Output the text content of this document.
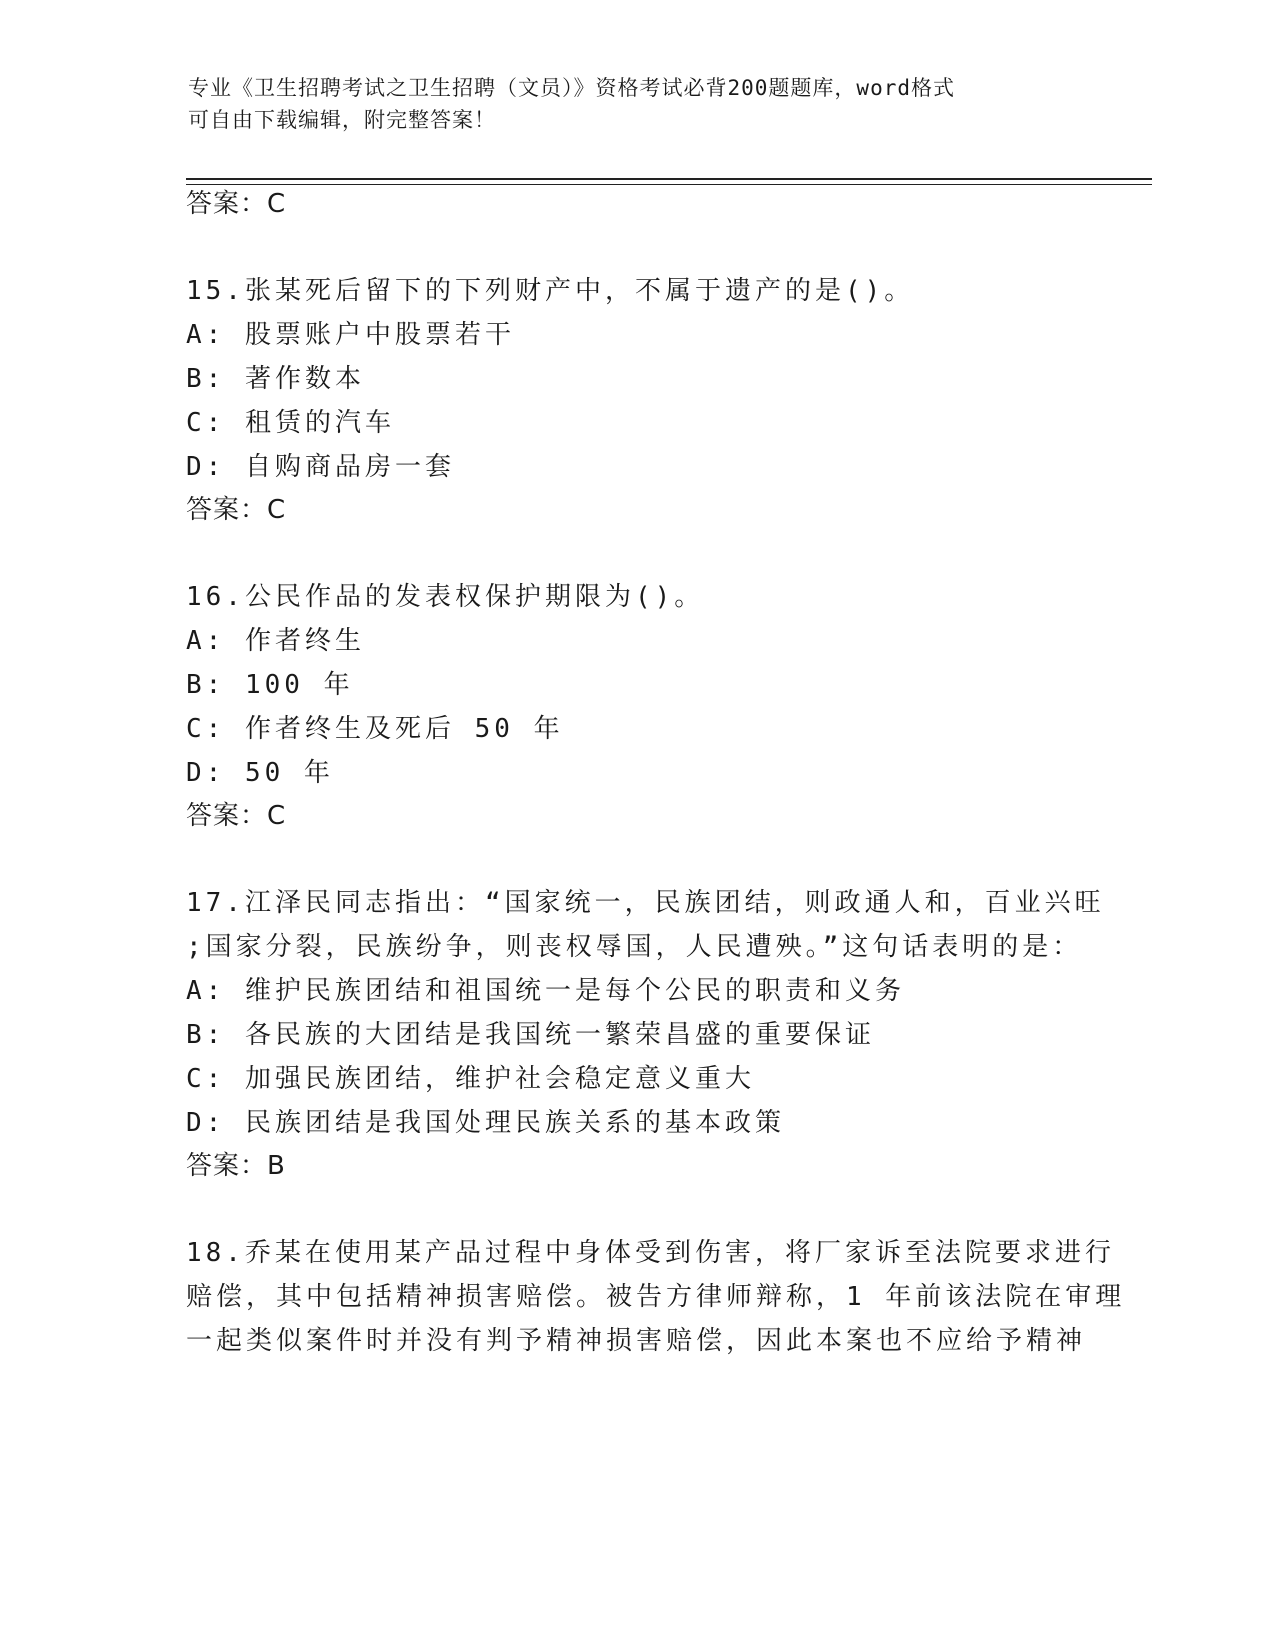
专业《卫生招聘考试之卫生招聘（文员）》资格考试必背200题题库，word格式
可自由下载编辑，附完整答案！
答案：C
15.张某死后留下的下列财产中，不属于遗产的是()。
A: 股票账户中股票若干
B: 著作数本
C: 租赁的汽车
D: 自购商品房一套
答案：C
16.公民作品的发表权保护期限为()。
A: 作者终生
B: 100 年
C: 作者终生及死后 50 年
D: 50 年
答案：C
17.江泽民同志指出：“国家统一，民族团结，则政通人和，百业兴旺
;国家分裂，民族纷争，则丧权辱国，人民遭殃。”这句话表明的是：
A: 维护民族团结和祖国统一是每个公民的职责和义务
B: 各民族的大团结是我国统一繁荣昌盛的重要保证
C: 加强民族团结，维护社会稳定意义重大
D: 民族团结是我国处理民族关系的基本政策
答案：B
18.乔某在使用某产品过程中身体受到伤害，将厂家诉至法院要求进行
赔偿，其中包括精神损害赔偿。被告方律师辩称，1 年前该法院在审理
一起类似案件时并没有判予精神损害赔偿，因此本案也不应给予精神
